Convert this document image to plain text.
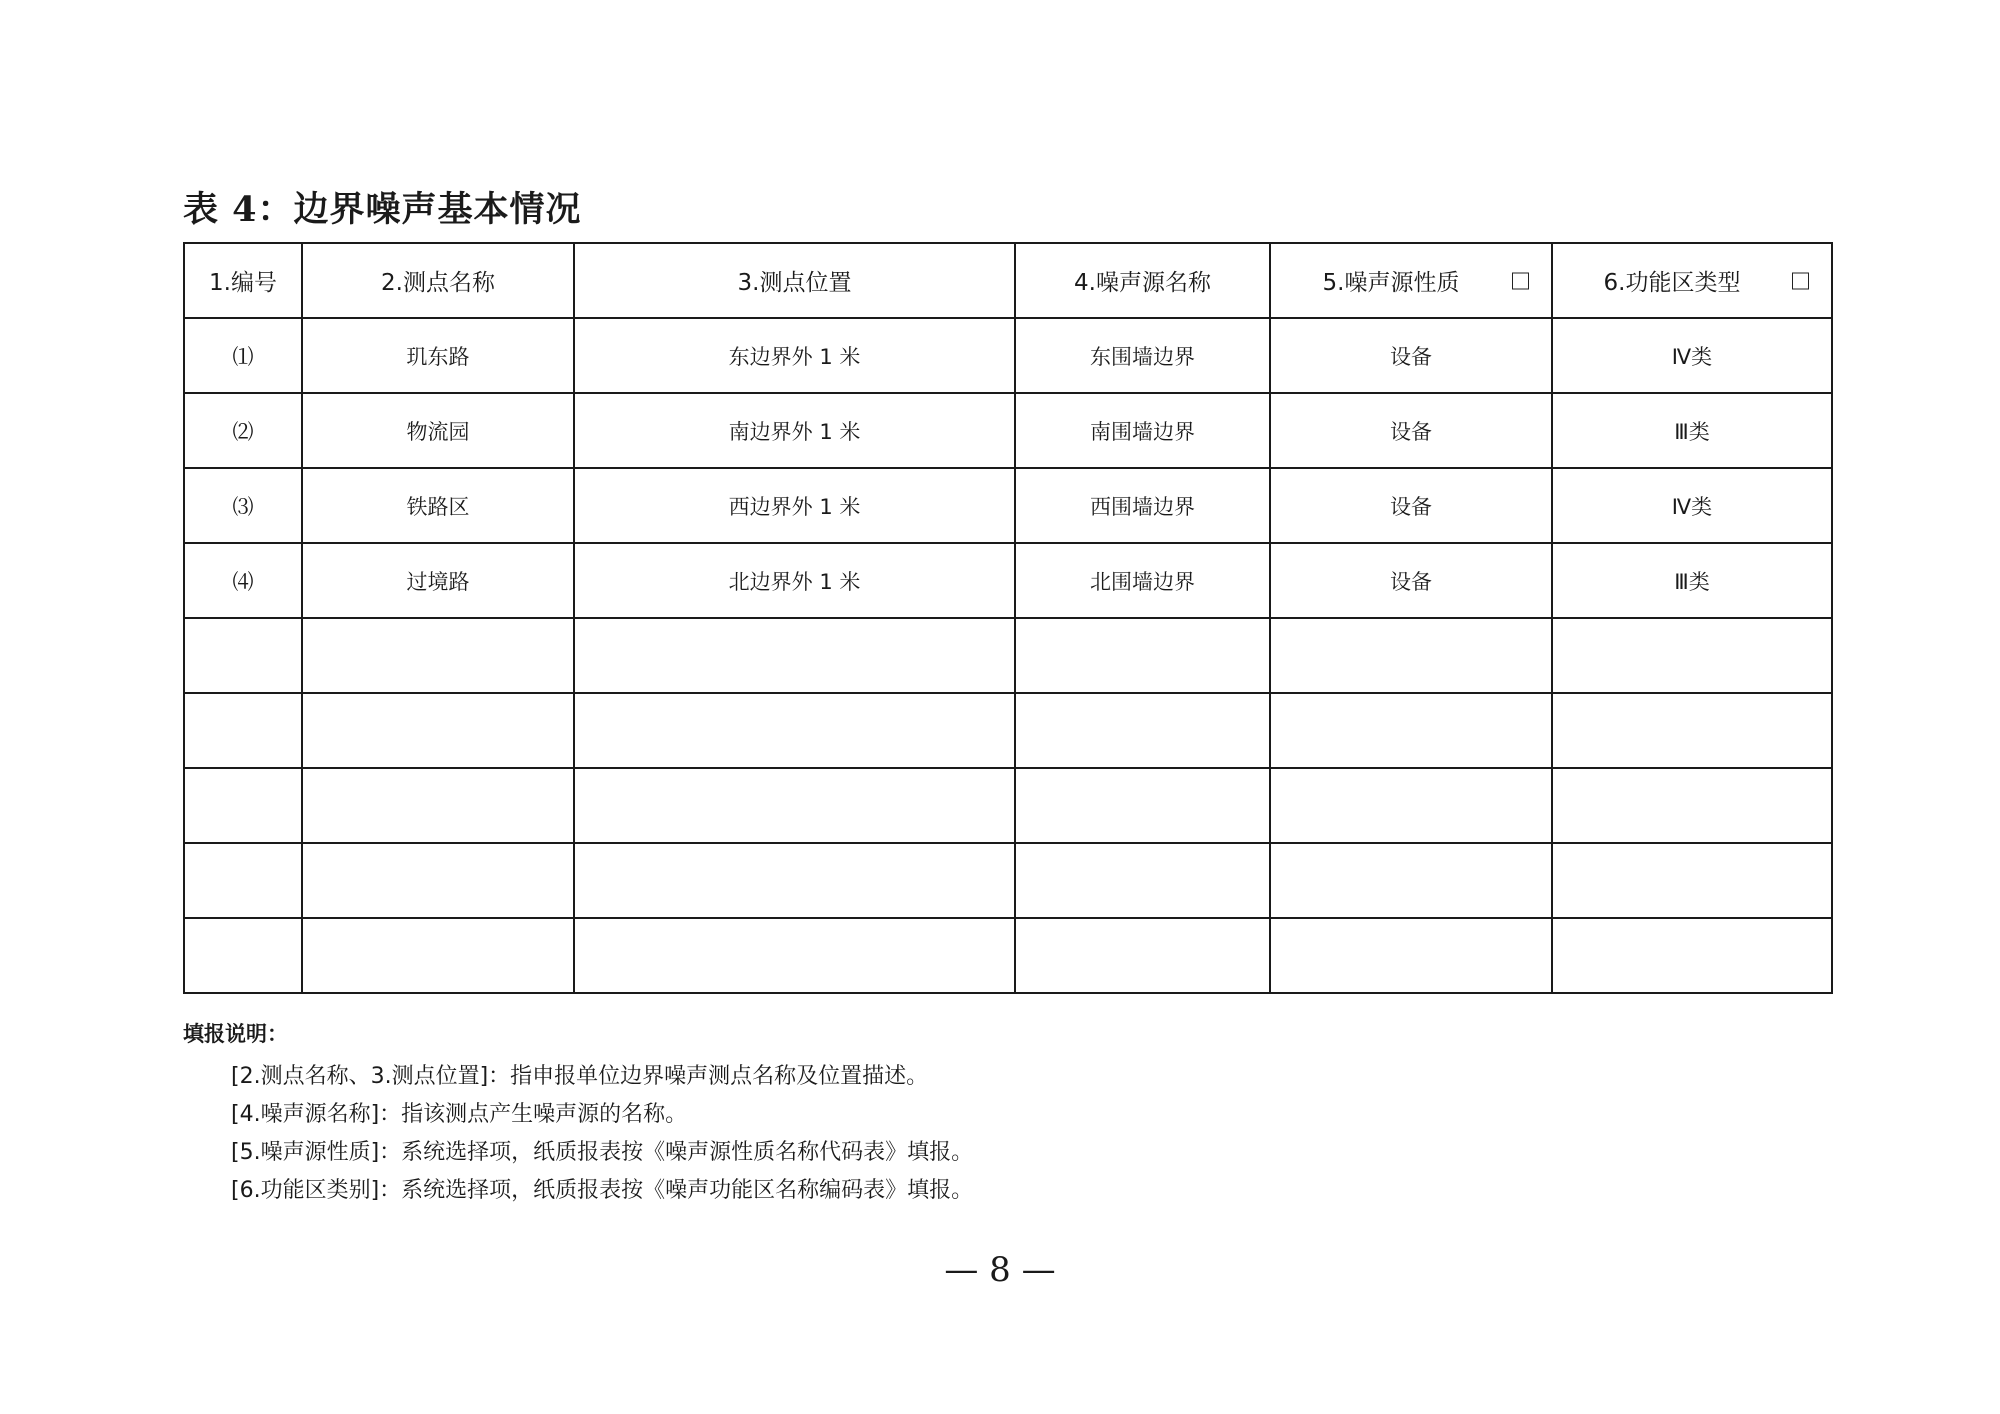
表 4：边界噪声基本情况
1.编号	2.测点名称	3.测点位置	4.噪声源名称	5.噪声源性质	6.功能区类型

⑴	玑东路	东边界外 1 米	东围墙边界	设备	Ⅳ类
⑵	物流园	南边界外 1 米	南围墙边界	设备	Ⅲ类
⑶	铁路区	西边界外 1 米	西围墙边界	设备	Ⅳ类
⑷	过境路	北边界外 1 米	北围墙边界	设备	Ⅲ类

填报说明：
[2.测点名称、3.测点位置]：指申报单位边界噪声测点名称及位置描述。
[4.噪声源名称]：指该测点产生噪声源的名称。
[5.噪声源性质]：系统选择项，纸质报表按《噪声源性质名称代码表》填报。
[6.功能区类别]：系统选择项，纸质报表按《噪声功能区名称编码表》填报。
— 8 —
